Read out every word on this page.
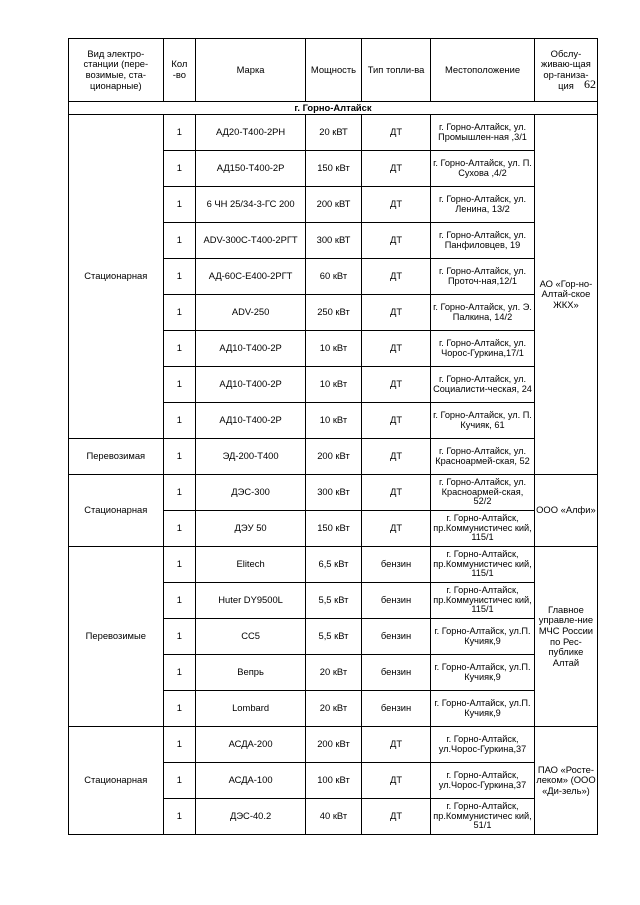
62
Вид электро-станции (пере-возимые, ста-ционарные)	Кол -во	Марка	Мощность	Тип топли-ва	Местоположение	Обслу-живаю-щая ор-ганиза-ция
г. Горно-Алтайск						
Стационарная	1	АД20-Т400-2РН	20 кВТ	ДТ	г. Горно-Алтайск, ул. Промышлен-ная ,3/1	АО «Гор-но-Алтай-ское ЖКХ»
	1	АД150-Т400-2Р	150 кВт	ДТ	г. Горно-Алтайск, ул. П. Сухова ,4/2	
	1	6 ЧН 25/34-3-ГС 200	200 кВТ	ДТ	г. Горно-Алтайск, ул. Ленина, 13/2	
	1	ADV-300C-T400-2РГТ	300 кВТ	ДТ	г. Горно-Алтайск, ул. Панфиловцев, 19	
	1	АД-60С-Е400-2РГТ	60 кВт	ДТ	г. Горно-Алтайск, ул. Проточ-ная,12/1	
	1	ADV-250	250 кВт	ДТ	г. Горно-Алтайск, ул. Э. Палкина, 14/2	
	1	АД10-Т400-2Р	10 кВт	ДТ	г. Горно-Алтайск, ул. Чорос-Гуркина,17/1	
	1	АД10-Т400-2Р	10 кВт	ДТ	г. Горно-Алтайск, ул. Социалисти-ческая, 24	
	1	АД10-Т400-2Р	10 кВт	ДТ	г. Горно-Алтайск, ул. П. Кучияк, 61	
Перевозимая	1	ЭД-200-Т400	200 кВт	ДТ	г. Горно-Алтайск, ул. Красноармей-ская, 52	
Стационарная	1	ДЭС-300	300 кВт	ДТ	г. Горно-Алтайск, ул. Красноармей-ская, 52/2	ООО «Алфи»
	1	ДЭУ 50	150 кВт	ДТ	г. Горно-Алтайск, пр.Коммунистичес кий, 115/1	
Перевозимые	1	Elitech	6,5 кВт	бензин	г. Горно-Алтайск, пр.Коммунистичес кий, 115/1	Главное управле-ние МЧС России по Рес-публике Алтай
	1	Huter DY9500L	5,5 кВт	бензин	г. Горно-Алтайск, пр.Коммунистичес кий, 115/1	
	1	CC5	5,5 кВт	бензин	г. Горно-Алтайск, ул.П. Кучияк,9	
	1	Вепрь	20 кВт	бензин	г. Горно-Алтайск, ул.П. Кучияк,9	
	1	Lombard	20 кВт	бензин	г. Горно-Алтайск, ул.П. Кучияк,9	
Стационарная	1	АСДА-200	200 кВт	ДТ	г. Горно-Алтайск, ул.Чорос-Гуркина,37	ПАО «Росте-леком» (ООО «Ди-зель»)
	1	АСДА-100	100 кВт	ДТ	г. Горно-Алтайск, ул.Чорос-Гуркина,37	
	1	ДЭС-40.2	40 кВт	ДТ	г. Горно-Алтайск, пр.Коммунистичес кий, 51/1	
